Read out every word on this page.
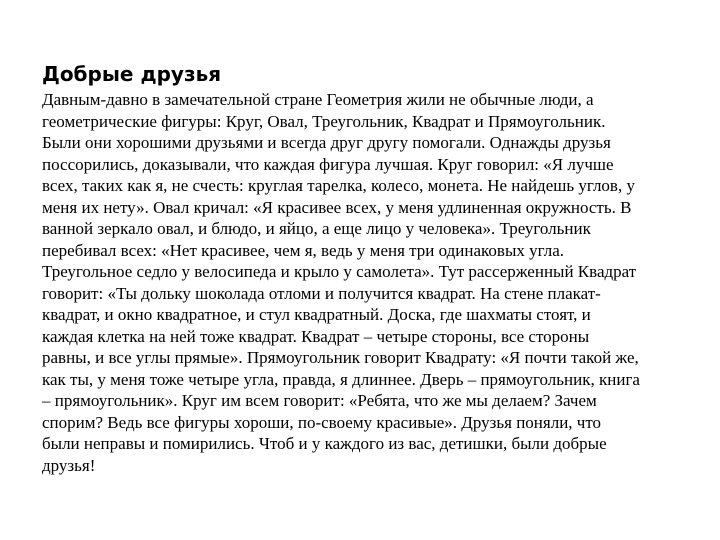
Добрые друзья

Давным-давно в замечательной стране Геометрия жили не обычные люди, а
геометрические фигуры: Круг, Овал, Треугольник, Квадрат и Прямоугольник.
Были они хорошими друзьями и всегда друг другу помогали. Однажды друзья
поссорились, доказывали, что каждая фигура лучшая. Круг говорил: «Я лучше
всех, таких как я, не счесть: круглая тарелка, колесо, монета. Не найдешь углов, у
меня их нету». Овал кричал: «Я красивее всех, у меня удлиненная окружность. В
ванной зеркало овал, и блюдо, и яйцо, а еще лицо у человека». Треугольник
перебивал всех: «Нет красивее, чем я, ведь у меня три одинаковых угла.
Треугольное седло у велосипеда и крыло у самолета». Тут рассерженный Квадрат
говорит: «Ты дольку шоколада отломи и получится квадрат. На стене плакат-
квадрат, и окно квадратное, и стул квадратный. Доска, где шахматы стоят, и
каждая клетка на ней тоже квадрат. Квадрат – четыре стороны, все стороны
равны, и все углы прямые». Прямоугольник говорит Квадрату: «Я почти такой же,
как ты, у меня тоже четыре угла, правда, я длиннее. Дверь – прямоугольник, книга
– прямоугольник». Круг им всем говорит: «Ребята, что же мы делаем? Зачем
спорим? Ведь все фигуры хороши, по-своему красивые». Друзья поняли, что
были неправы и помирились. Чтоб и у каждого из вас, детишки, были добрые
друзья!
